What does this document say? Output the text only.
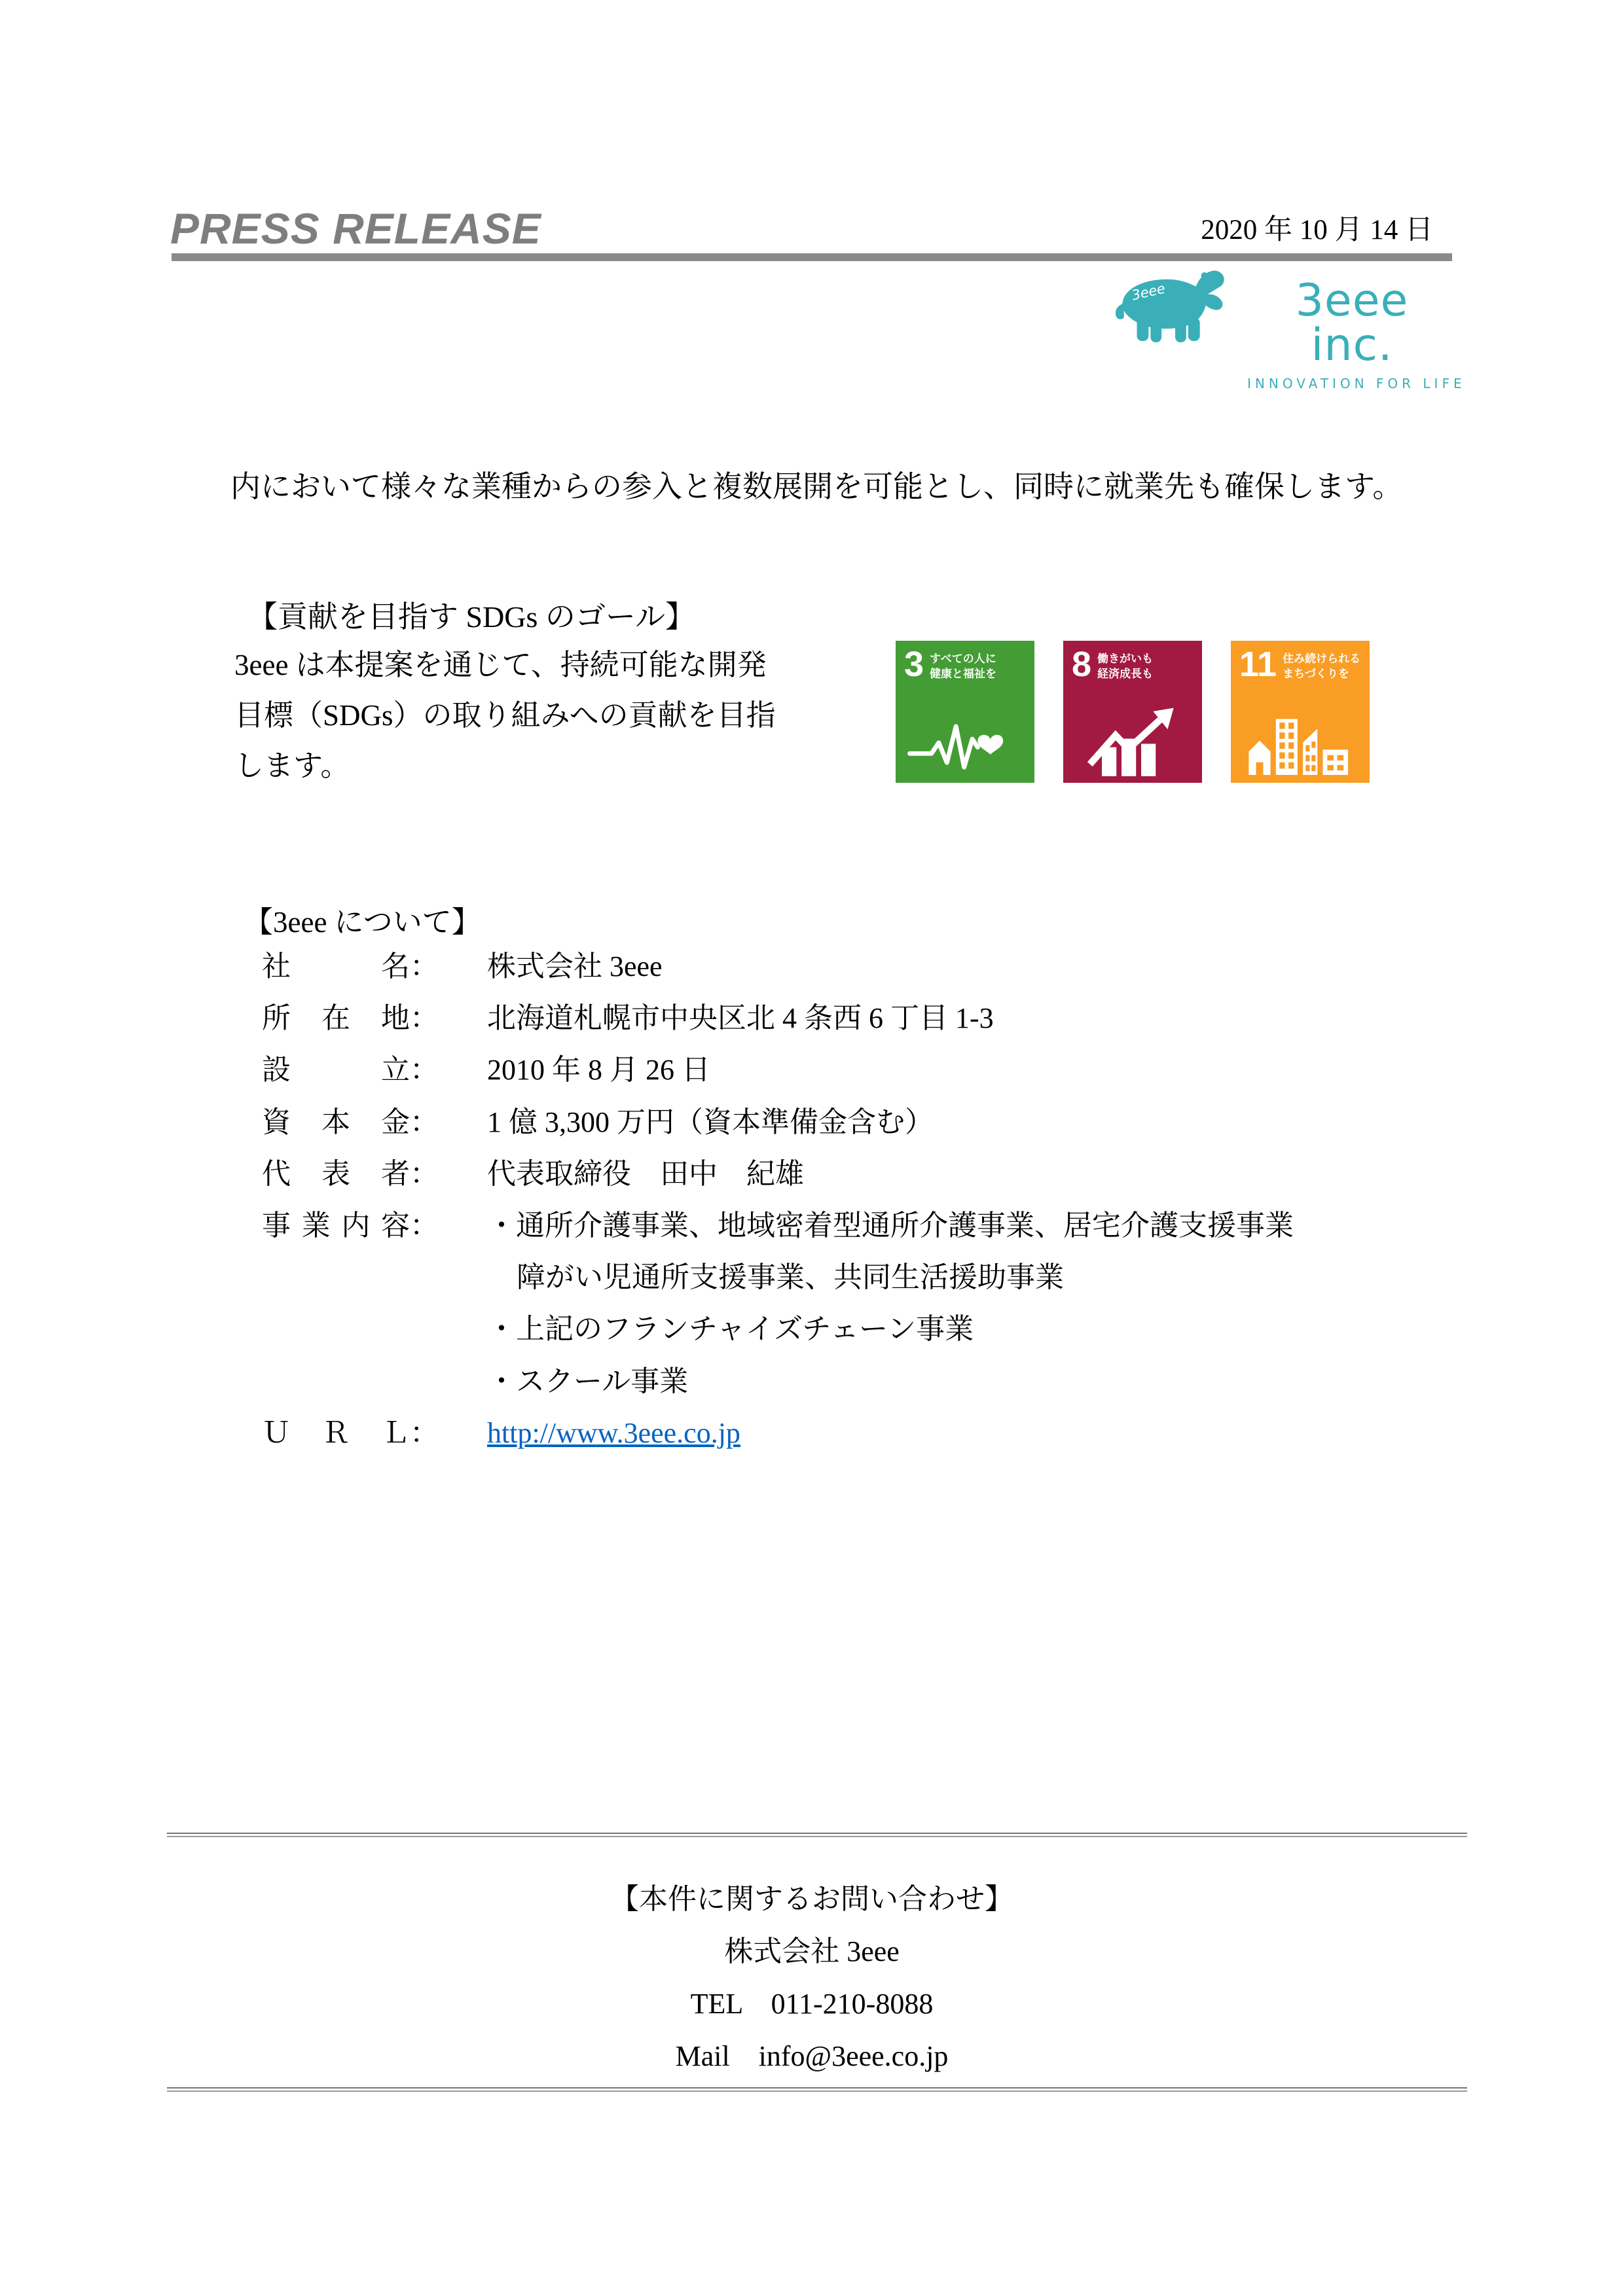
PRESS RELEASE	2020 年 10 月 14 日
3eee	3eee inc.
INNOVATION FOR LIFE
内において様々な業種からの参入と複数展開を可能とし、同時に就業先も確保します。
【貢献を目指す SDGs のゴール】
3eee は本提案を通じて、持続可能な開発
目標（SDGs）の取り組みへの貢献を目指
します。
3 すべての人に
健康と福祉を 8 働きがいも
経済成長も 11 住み続けられる
まちづくりを
【3eee について】
社名： 株式会社 3eee
所在地： 北海道札幌市中央区北 4 条西 6 丁目 1-3
設立： 2010 年 8 月 26 日
資本金： 1 億 3,300 万円（資本準備金含む）
代表者： 代表取締役　田中　紀雄
事業内容： ・通所介護事業、地域密着型通所介護事業、居宅介護支援事業
障がい児通所支援事業、共同生活援助事業
・上記のフランチャイズチェーン事業
・スクール事業
ＵＲＬ： http://www.3eee.co.jp
【本件に関するお問い合わせ】
株式会社 3eee
TEL　011-210-8088
Mail　info@3eee.co.jp
